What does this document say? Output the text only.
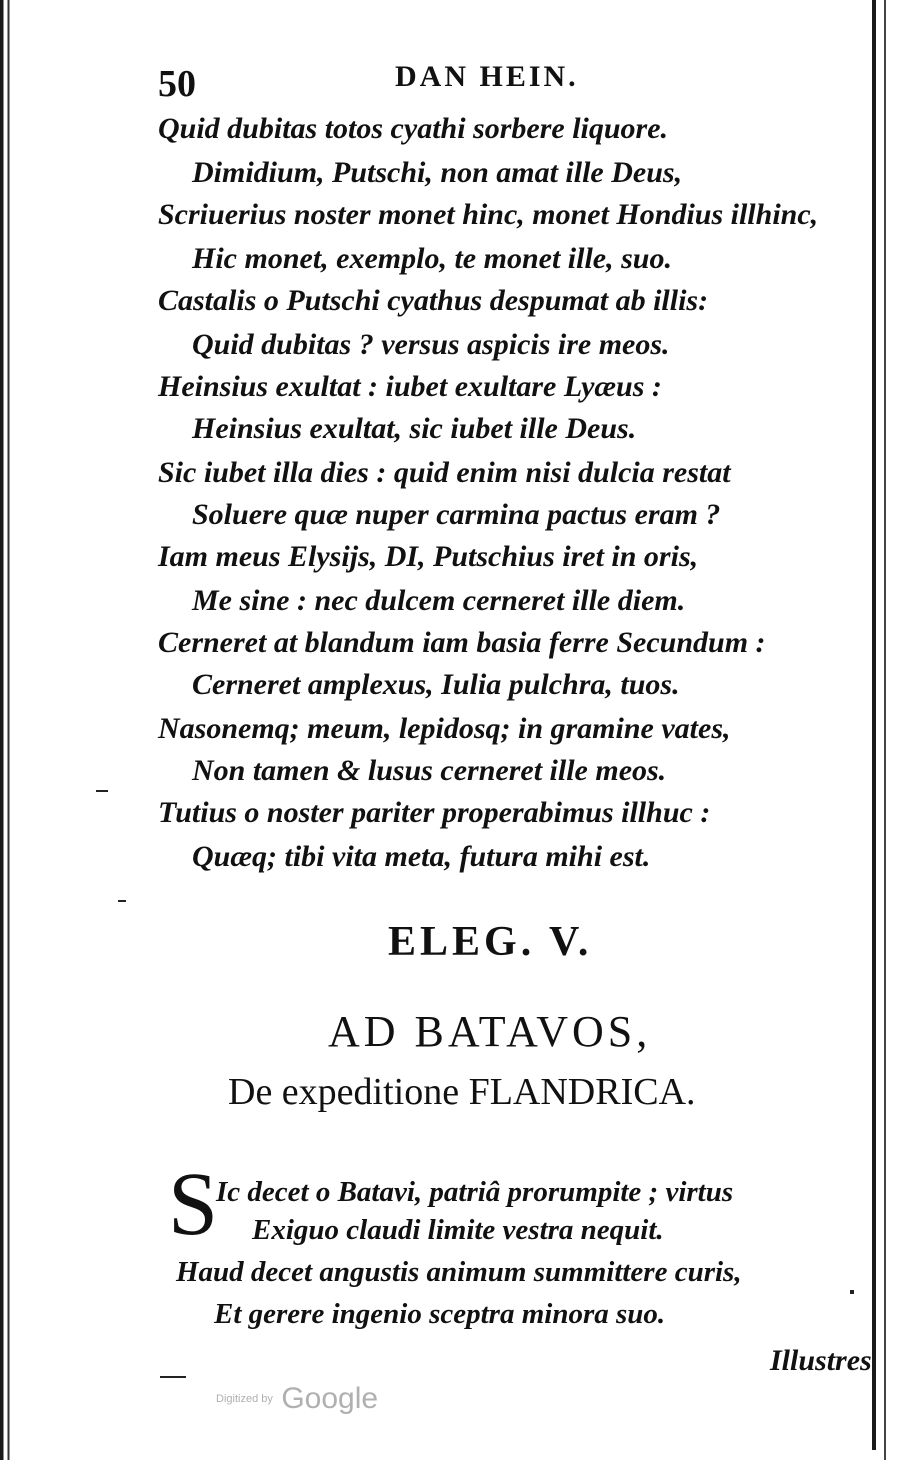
50	DAN HEIN.
Quid dubitas totos cyathi sorbere liquore.
Dimidium, Putschi, non amat ille Deus,
Scriuerius noster monet hinc, monet Hondius illhinc,
Hic monet, exemplo, te monet ille, suo.
Castalis o Putschi cyathus despumat ab illis:
Quid dubitas ? versus aspicis ire meos.
Heinsius exultat : iubet exultare Lyæus :
Heinsius exultat, sic iubet ille Deus.
Sic iubet illa dies : quid enim nisi dulcia restat
Soluere quæ nuper carmina pactus eram ?
Iam meus Elysijs, DI, Putschius iret in oris,
Me sine : nec dulcem cerneret ille diem.
Cerneret at blandum iam basia ferre Secundum :
Cerneret amplexus, Iulia pulchra, tuos.
Nasonemq; meum, lepidosq; in gramine vates,
Non tamen & lusus cerneret ille meos.
Tutius o noster pariter properabimus illhuc :
Quæq; tibi vita meta, futura mihi est.
ELEG. V.
AD BATAVOS,
De expeditione FLANDRICA.
S
Ic decet o Batavi, patriâ prorumpite ; virtus
Exiguo claudi limite vestra nequit.
Haud decet angustis animum summittere curis,
Et gerere ingenio sceptra minora suo.
Illustres
Digitized by Google
